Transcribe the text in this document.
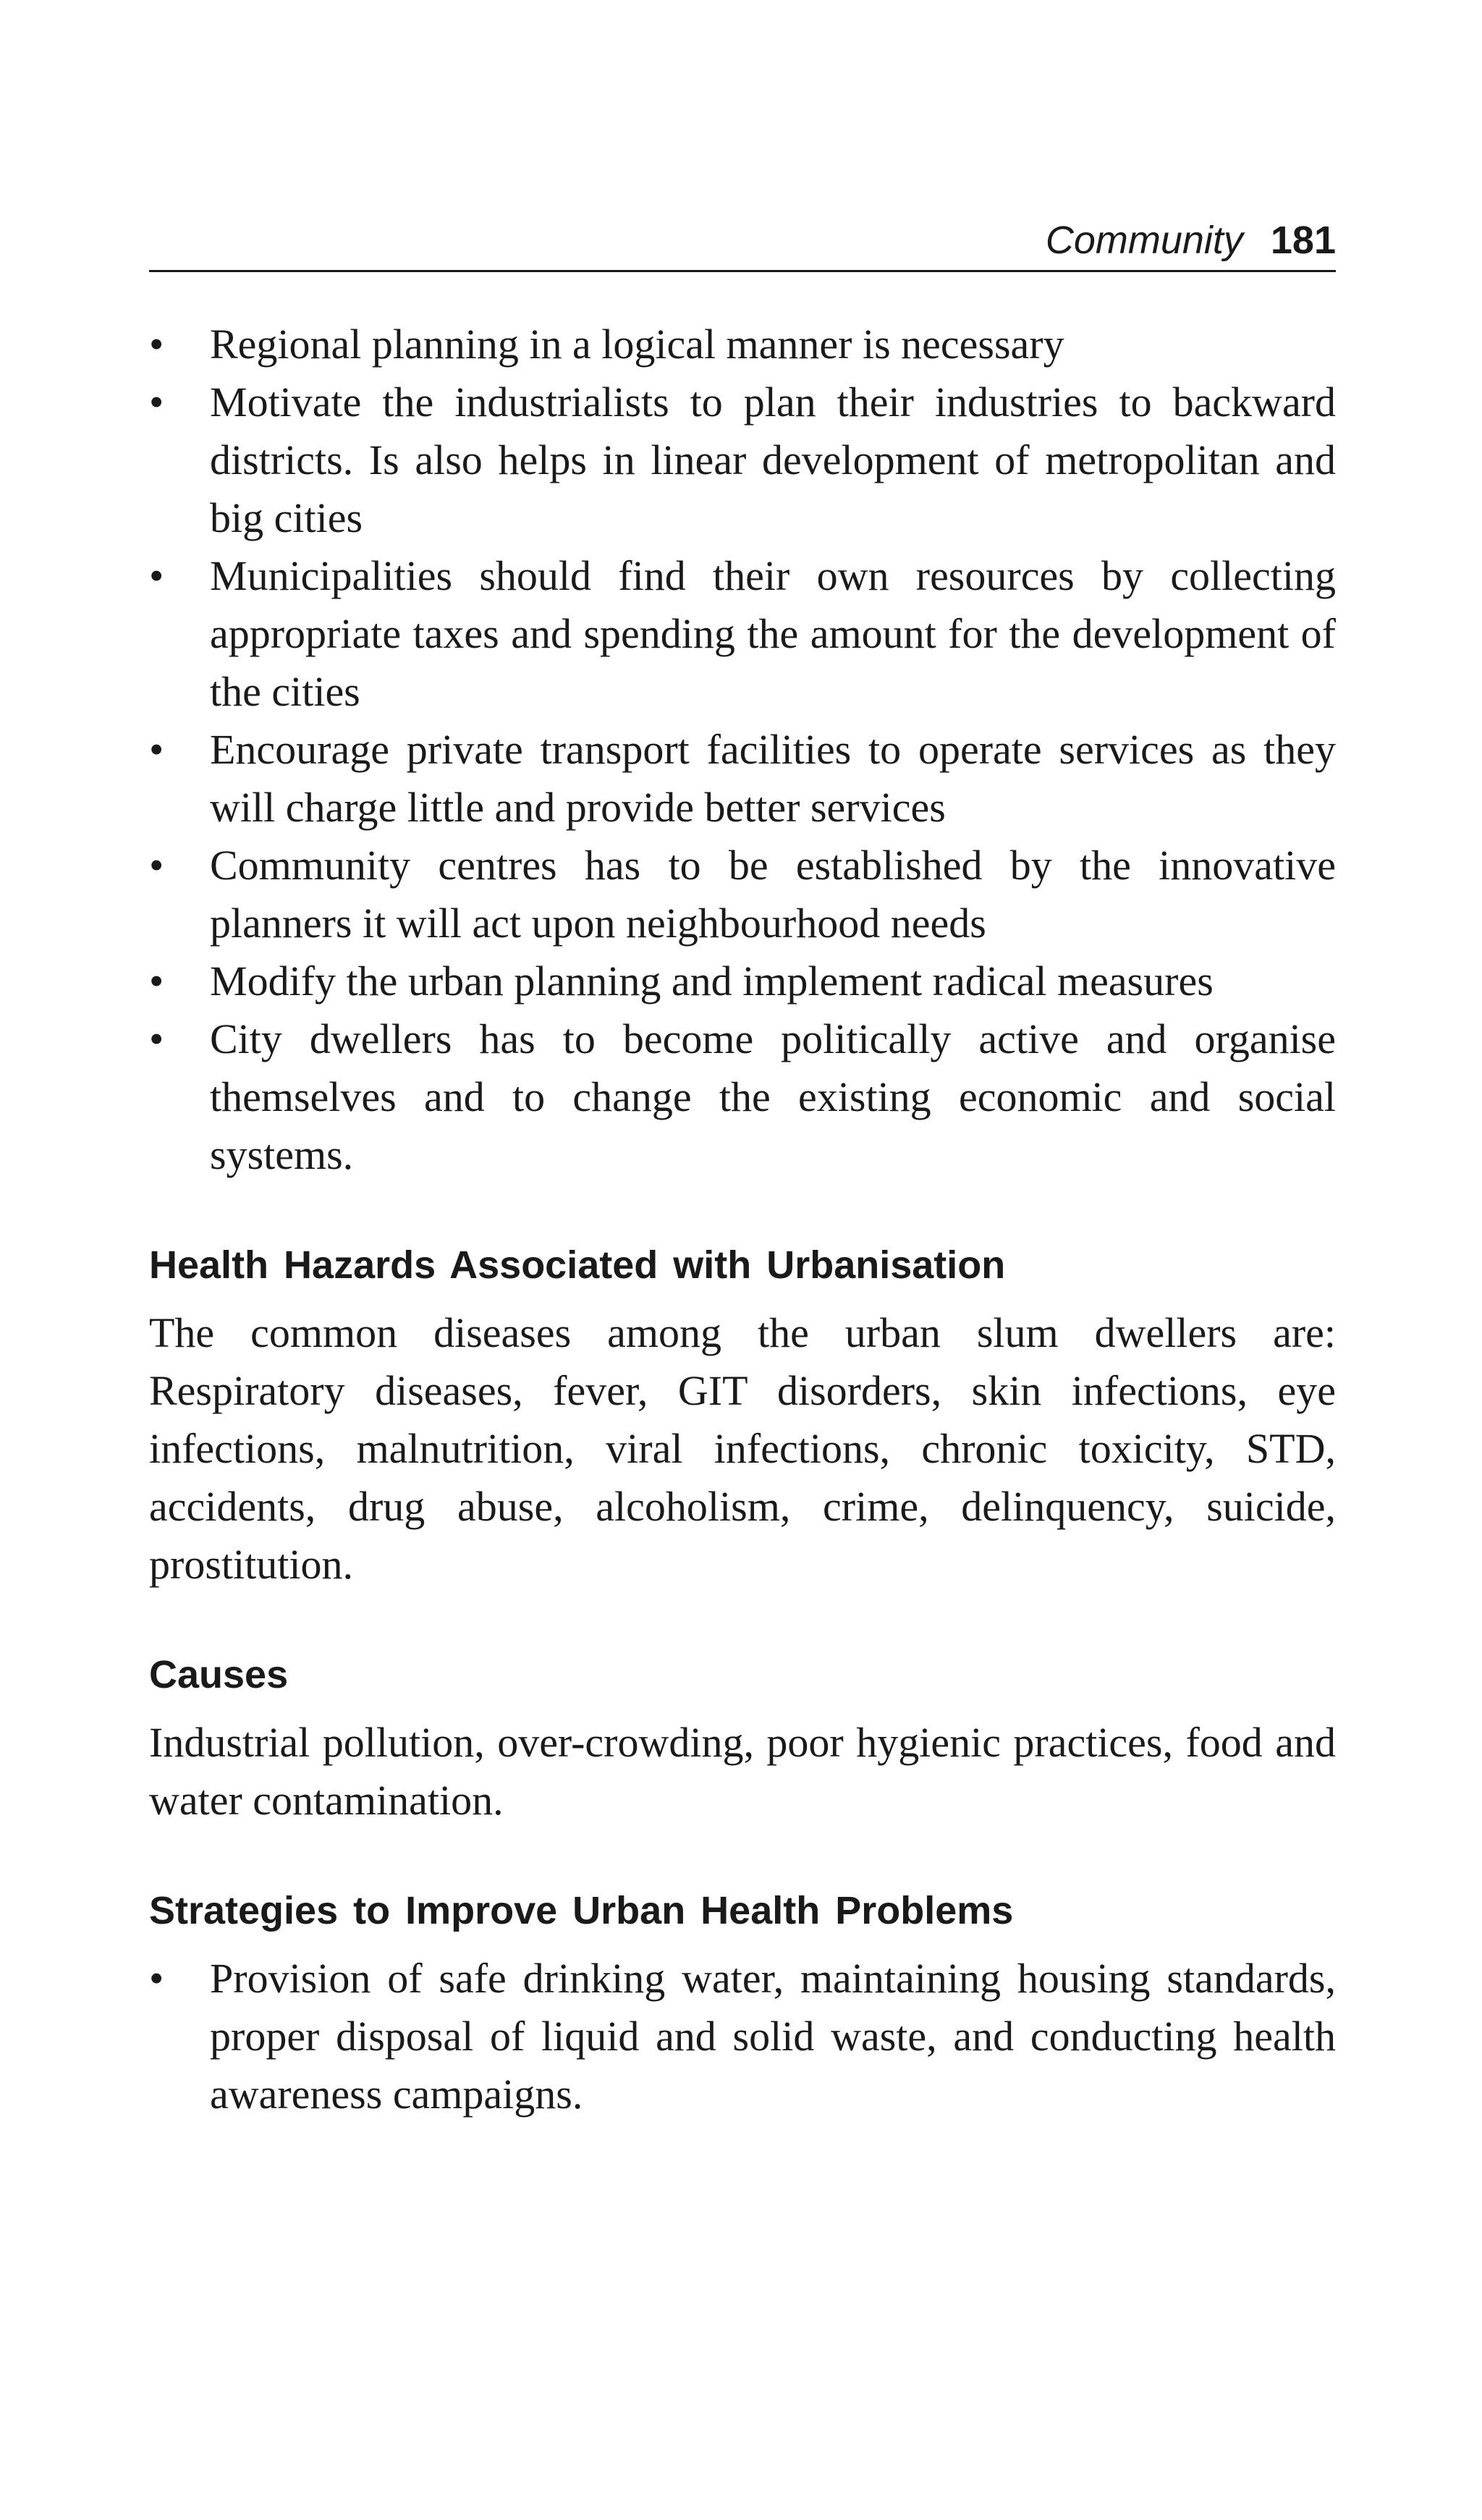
Community 181
• Regional planning in a logical manner is necessary
• Motivate the industrialists to plan their industries to backward districts. Is also helps in linear development of metropolitan and big cities
• Municipalities should find their own resources by collecting appropriate taxes and spending the amount for the development of the cities
• Encourage private transport facilities to operate services as they will charge little and provide better services
• Community centres has to be established by the innovative planners it will act upon neighbourhood needs
• Modify the urban planning and implement radical measures
• City dwellers has to become politically active and organise themselves and to change the existing economic and social systems.
Health Hazards Associated with Urbanisation

The common diseases among the urban slum dwellers are: Respiratory diseases, fever, GIT disorders, skin infections, eye infections, malnutrition, viral infections, chronic toxicity, STD, accidents, drug abuse, alcoholism, crime, delinquency, suicide, prostitution.

Causes

Industrial pollution, over-crowding, poor hygienic practices, food and water contamination.

Strategies to Improve Urban Health Problems
• Provision of safe drinking water, maintaining housing standards, proper disposal of liquid and solid waste, and conducting health awareness campaigns.
